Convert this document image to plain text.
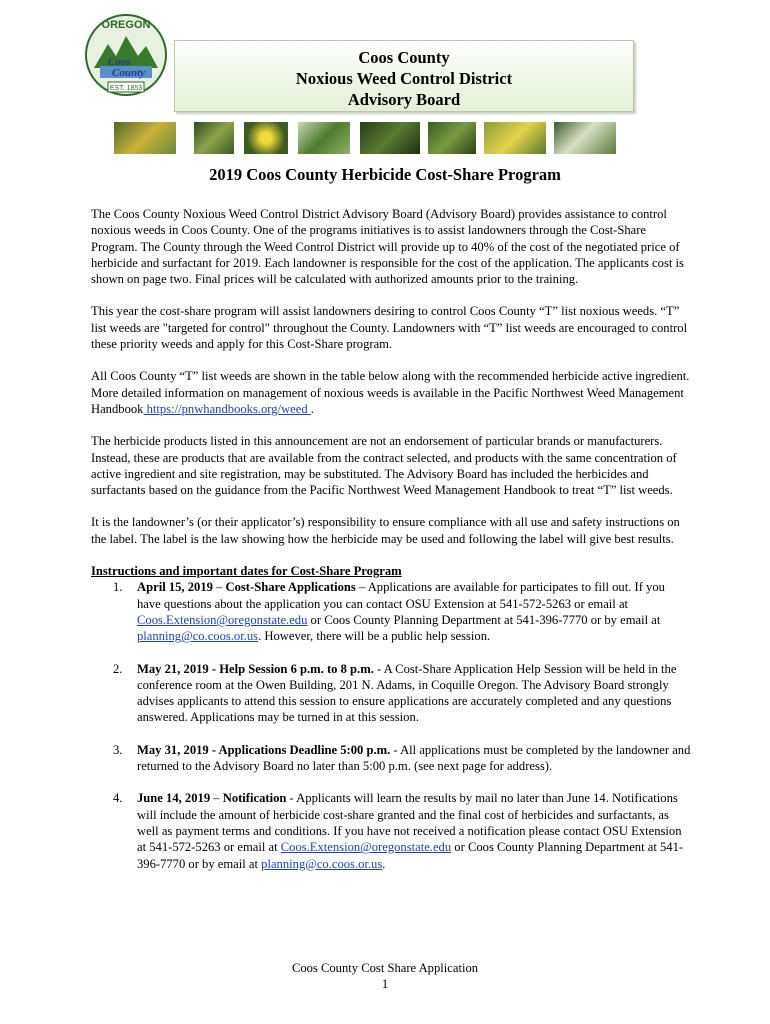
OREGON
Coos
County
EST. 1853
Coos County
Noxious Weed Control District
Advisory Board
2019 Coos County Herbicide Cost-Share Program

The Coos County Noxious Weed Control District Advisory Board (Advisory Board) provides assistance to control noxious weeds in Coos County. One of the programs initiatives is to assist landowners through the Cost-Share Program. The County through the Weed Control District will provide up to 40% of the cost of the negotiated price of herbicide and surfactant for 2019. Each landowner is responsible for the cost of the application. The applicants cost is shown on page two. Final prices will be calculated with authorized amounts prior to the training.

This year the cost-share program will assist landowners desiring to control Coos County “T” list noxious weeds. “T” list weeds are "targeted for control" throughout the County. Landowners with “T” list weeds are encouraged to control these priority weeds and apply for this Cost-Share program.

All Coos County “T” list weeds are shown in the table below along with the recommended herbicide active ingredient. More detailed information on management of noxious weeds is available in the Pacific Northwest Weed Management Handbook https://pnwhandbooks.org/weed .

The herbicide products listed in this announcement are not an endorsement of particular brands or manufacturers. Instead, these are products that are available from the contract selected, and products with the same concentration of active ingredient and site registration, may be substituted. The Advisory Board has included the herbicides and surfactants based on the guidance from the Pacific Northwest Weed Management Handbook to treat “T” list weeds.

It is the landowner’s (or their applicator’s) responsibility to ensure compliance with all use and safety instructions on the label. The label is the law showing how the herbicide may be used and following the label will give best results.

Instructions and important dates for Cost-Share Program
1. April 15, 2019 – Cost-Share Applications – Applications are available for participates to fill out. If you have questions about the application you can contact OSU Extension at 541-572-5263 or email at Coos.Extension@oregonstate.edu or Coos County Planning Department at 541-396-7770 or by email at planning@co.coos.or.us. However, there will be a public help session.
2. May 21, 2019 - Help Session 6 p.m. to 8 p.m. - A Cost-Share Application Help Session will be held in the conference room at the Owen Building, 201 N. Adams, in Coquille Oregon. The Advisory Board strongly advises applicants to attend this session to ensure applications are accurately completed and any questions answered. Applications may be turned in at this session.
3. May 31, 2019 - Applications Deadline 5:00 p.m. - All applications must be completed by the landowner and returned to the Advisory Board no later than 5:00 p.m. (see next page for address).
4. June 14, 2019 – Notification - Applicants will learn the results by mail no later than June 14. Notifications will include the amount of herbicide cost-share granted and the final cost of herbicides and surfactants, as well as payment terms and conditions. If you have not received a notification please contact OSU Extension at 541-572-5263 or email at Coos.Extension@oregonstate.edu or Coos County Planning Department at 541-396-7770 or by email at planning@co.coos.or.us.
Coos County Cost Share Application
1
